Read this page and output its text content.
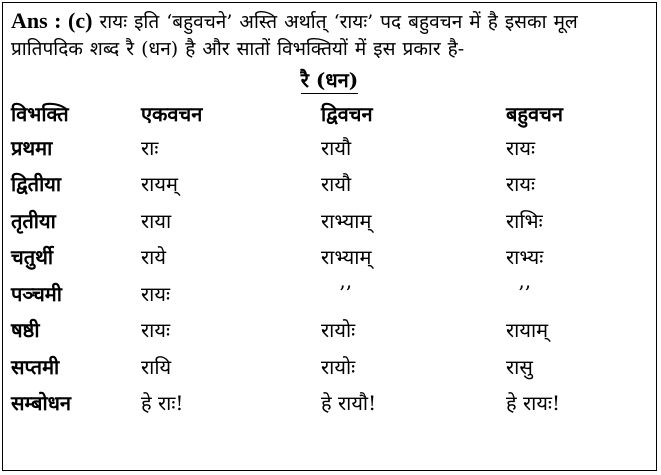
Ans : (c) रायः इति ‘बहुवचने’ अस्ति अर्थात् ‘रायः’ पद बहुवचन में है इसका मूल प्रातिपदिक शब्द रै (धन) है और सातों विभक्तियों में इस प्रकार है-

रै (धन)
विभक्ति	एकवचन	द्विवचन	बहुवचन
प्रथमा	राः	रायौ	रायः
द्वितीया	रायम्	रायौ	रायः
तृतीया	राया	राभ्याम्	राभिः
चतुर्थी	राये	राभ्याम्	राभ्यः
पञ्चमी	रायः	’’	’’
षष्ठी	रायः	रायोः	रायाम्
सप्तमी	रायि	रायोः	रासु
सम्बोधन	हे राः!	हे रायौ!	हे रायः!
